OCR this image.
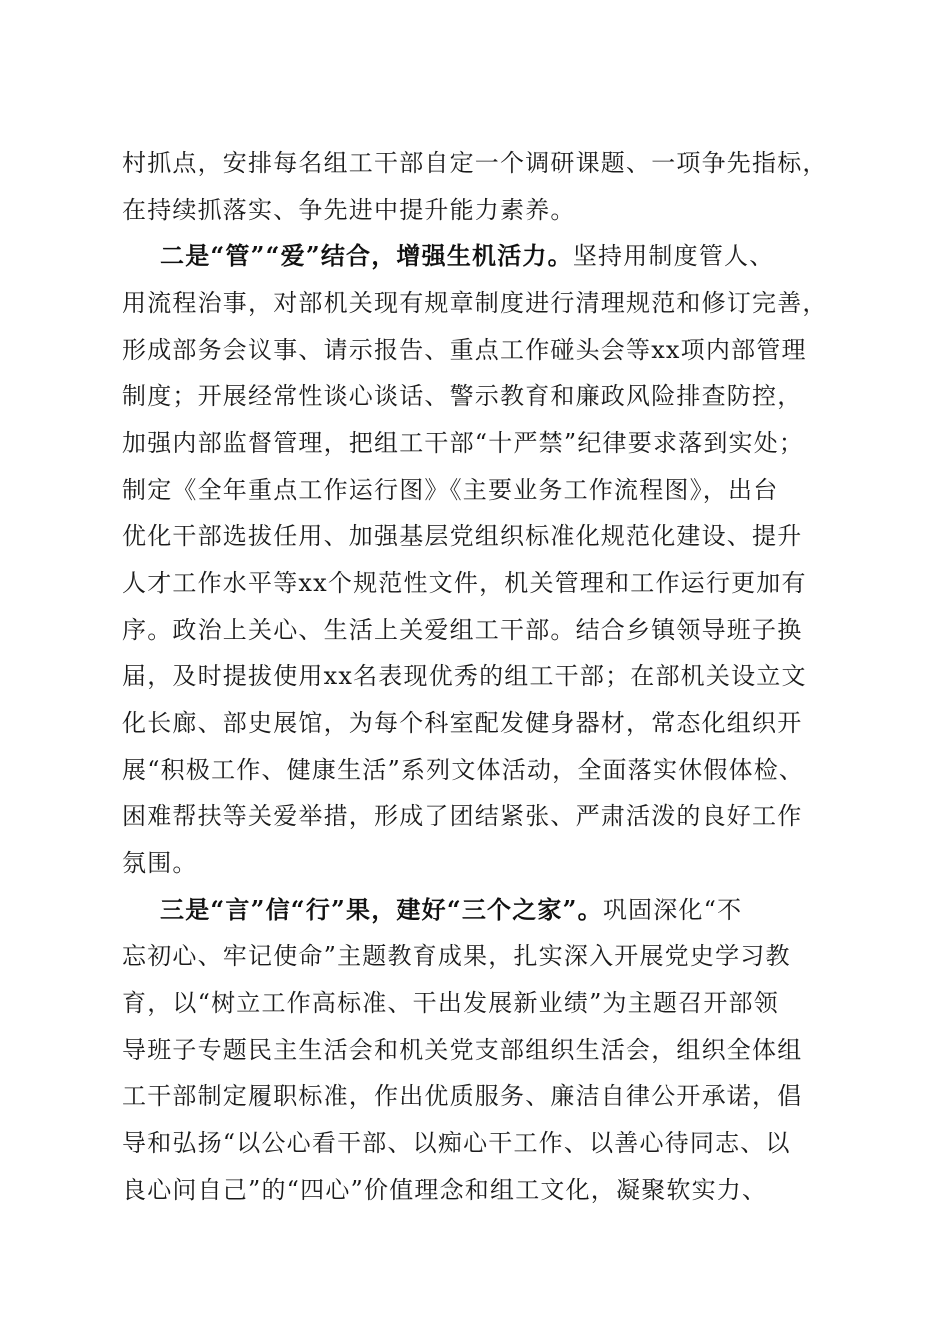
村抓点，安排每名组工干部自定一个调研课题、一项争先指标，

在持续抓落实、争先进中提升能力素养。

二是“管”“爱”结合，增强生机活力。坚持用制度管人、

用流程治事，对部机关现有规章制度进行清理规范和修订完善，

形成部务会议事、请示报告、重点工作碰头会等xx项内部管理

制度；开展经常性谈心谈话、警示教育和廉政风险排查防控，

加强内部监督管理，把组工干部“十严禁”纪律要求落到实处；

制定《全年重点工作运行图》《主要业务工作流程图》，出台

优化干部选拔任用、加强基层党组织标准化规范化建设、提升

人才工作水平等xx个规范性文件，机关管理和工作运行更加有

序。政治上关心、生活上关爱组工干部。结合乡镇领导班子换

届，及时提拔使用xx名表现优秀的组工干部；在部机关设立文

化长廊、部史展馆，为每个科室配发健身器材，常态化组织开

展“积极工作、健康生活”系列文体活动，全面落实休假体检、

困难帮扶等关爱举措，形成了团结紧张、严肃活泼的良好工作

氛围。

三是“言”信“行”果，建好“三个之家”。巩固深化“不

忘初心、牢记使命”主题教育成果，扎实深入开展党史学习教

育，以“树立工作高标准、干出发展新业绩”为主题召开部领

导班子专题民主生活会和机关党支部组织生活会，组织全体组

工干部制定履职标准，作出优质服务、廉洁自律公开承诺，倡

导和弘扬“以公心看干部、以痴心干工作、以善心待同志、以

良心问自己”的“四心”价值理念和组工文化，凝聚软实力、
